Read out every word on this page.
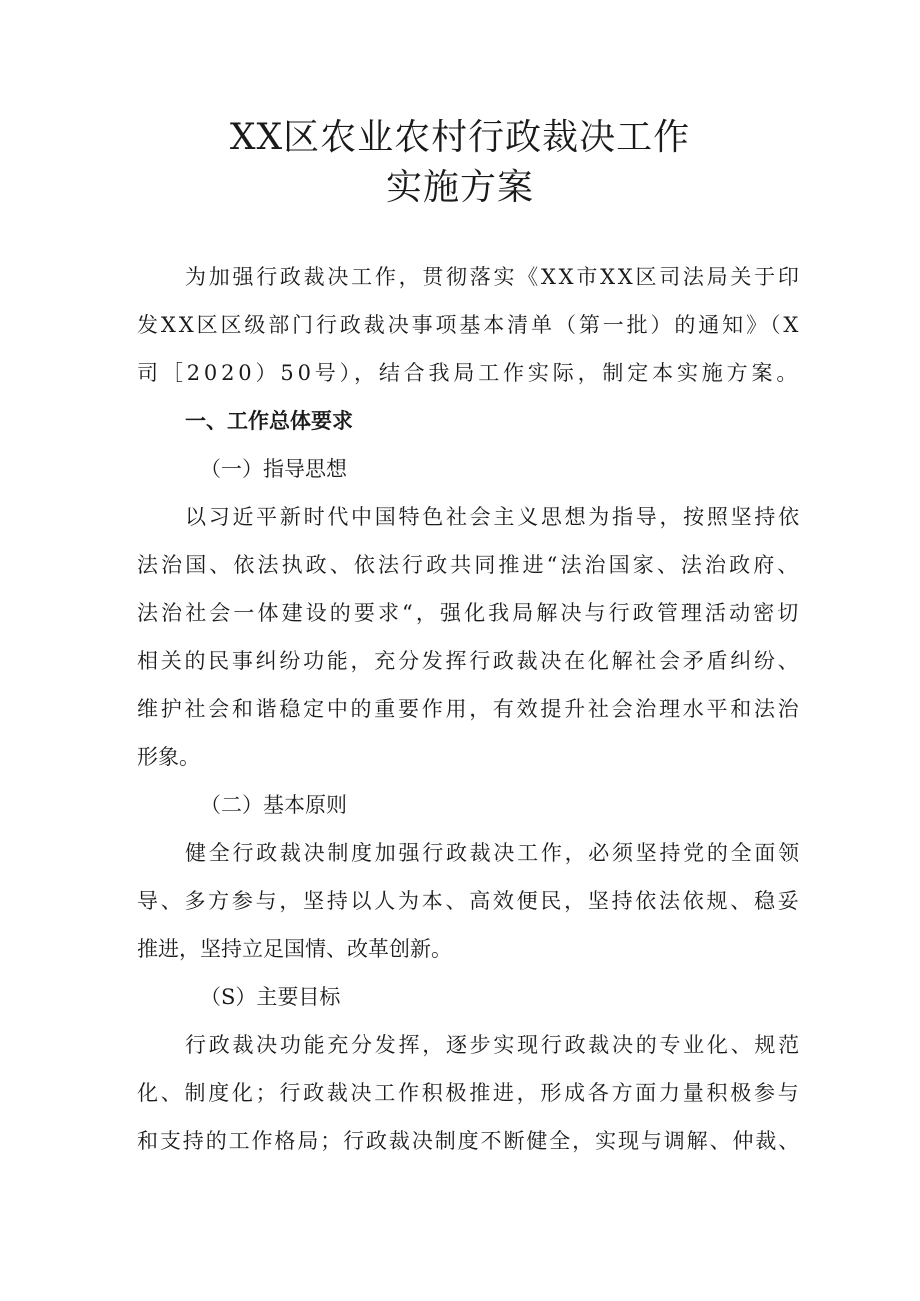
XX区农业农村行政裁决工作
实施方案
为加强行政裁决工作，贯彻落实《XX市XX区司法局关于印
发XX区区级部门行政裁决事项基本清单（第一批）的通知》（X
司［2020）50号），结合我局工作实际，制定本实施方案。
一、工作总体要求
（一）指导思想
以习近平新时代中国特色社会主义思想为指导，按照坚持依
法治国、依法执政、依法行政共同推进“法治国家、法治政府、
法治社会一体建设的要求“，强化我局解决与行政管理活动密切
相关的民事纠纷功能，充分发挥行政裁决在化解社会矛盾纠纷、
维护社会和谐稳定中的重要作用，有效提升社会治理水平和法治
形象。
（二）基本原则
健全行政裁决制度加强行政裁决工作，必须坚持党的全面领
导、多方参与，坚持以人为本、高效便民，坚持依法依规、稳妥
推进，坚持立足国情、改革创新。
（S）主要目标
行政裁决功能充分发挥，逐步实现行政裁决的专业化、规范
化、制度化；行政裁决工作积极推进，形成各方面力量积极参与
和支持的工作格局；行政裁决制度不断健全，实现与调解、仲裁、
